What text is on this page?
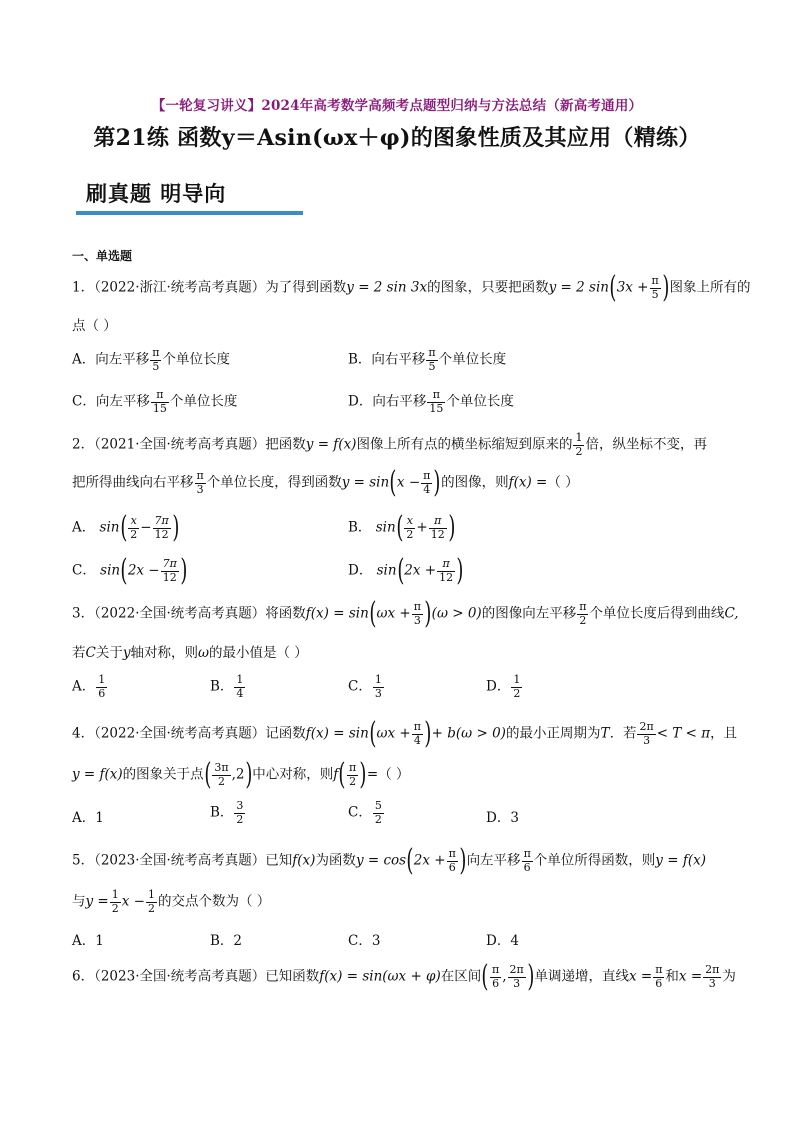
【一轮复习讲义】2024年高考数学高频考点题型归纳与方法总结（新高考通用）
第21练 函数y＝Asin(ωx＋φ)的图象性质及其应用（精练）
刷真题 明导向
一、单选题
1．（2022·浙江·统考高考真题）为了得到函数y = 2 sin 3x的图象，只要把函数y = 2 $\sin(3x + \frac{\pi}{5}$ )图象上所有的
点（ ）
A．向左平移 $\frac{\pi}{5}$ 个单位长度	B．向右平移 $\frac{\pi}{5}$ 个单位长度
C．向左平移 $\frac{\pi}{15}$ 个单位长度	D．向右平移 $\frac{\pi}{15}$ 个单位长度
2．（2021·全国·统考高考真题）把函数y = f(x)图像上所有点的横坐标缩短到原来的 $\frac{1}{2}$ 倍，纵坐标不变，再
把所得曲线向右平移 $\frac{\pi}{3}$ 个单位长度，得到函数$y = \sin(x - \frac{\pi}{4}$ )的图像，则f(x) =（ ）
A． $\sin( \frac{x}{2} - \frac{7\pi}{12}$ )	B． $\sin( \frac{x}{2} + \frac{\pi}{12}$ )
C． $\sin(2x - \frac{7\pi}{12}$ )	D． $\sin(2x + \frac{\pi}{12}$ )
3．（2022·全国·统考高考真题）将函数$f(x) = \sin(\omega x + \frac{\pi}{3} )(\omega > 0)$的图像向左平移 $\frac{\pi}{2}$ 个单位长度后得到曲线C,
若C关于y轴对称，则ω的最小值是（ ）
A． $\frac{1}{6}$	B． $\frac{1}{4}$	C． $\frac{1}{3}$	D． $\frac{1}{2}$
4．（2022·全国·统考高考真题）记函数$f(x) = \sin(\omega x + \frac{\pi}{4}$ )+ b(ω > 0)的最小正周期为T．若 $\frac{2\pi}{3} < T < \pi$，且
y = f(x)的图象关于点( $\frac{3\pi}{2} ,2$)中心对称，则$f( \frac{\pi}{2}$ )=（ ）
A．1	B． $\frac{3}{2}$	C． $\frac{5}{2}$	D．3
5．（2023·全国·统考高考真题）已知f(x)为函数$y = \cos(2x + \frac{\pi}{6}$ )向左平移 $\frac{\pi}{6}$ 个单位所得函数，则y = f(x)
与$y = \frac{1}{2}$ $x - \frac{1}{2}$ 的交点个数为（ ）
A．1	B．2	C．3	D．4
6．（2023·全国·统考高考真题）已知函数f(x) = sin(ωx + φ)在区间( $\frac{\pi}{6}$ , $\frac{2\pi}{3}$ )单调递增，直线$x = \frac{\pi}{6}$ 和$x = \frac{2\pi}{3}$ 为
